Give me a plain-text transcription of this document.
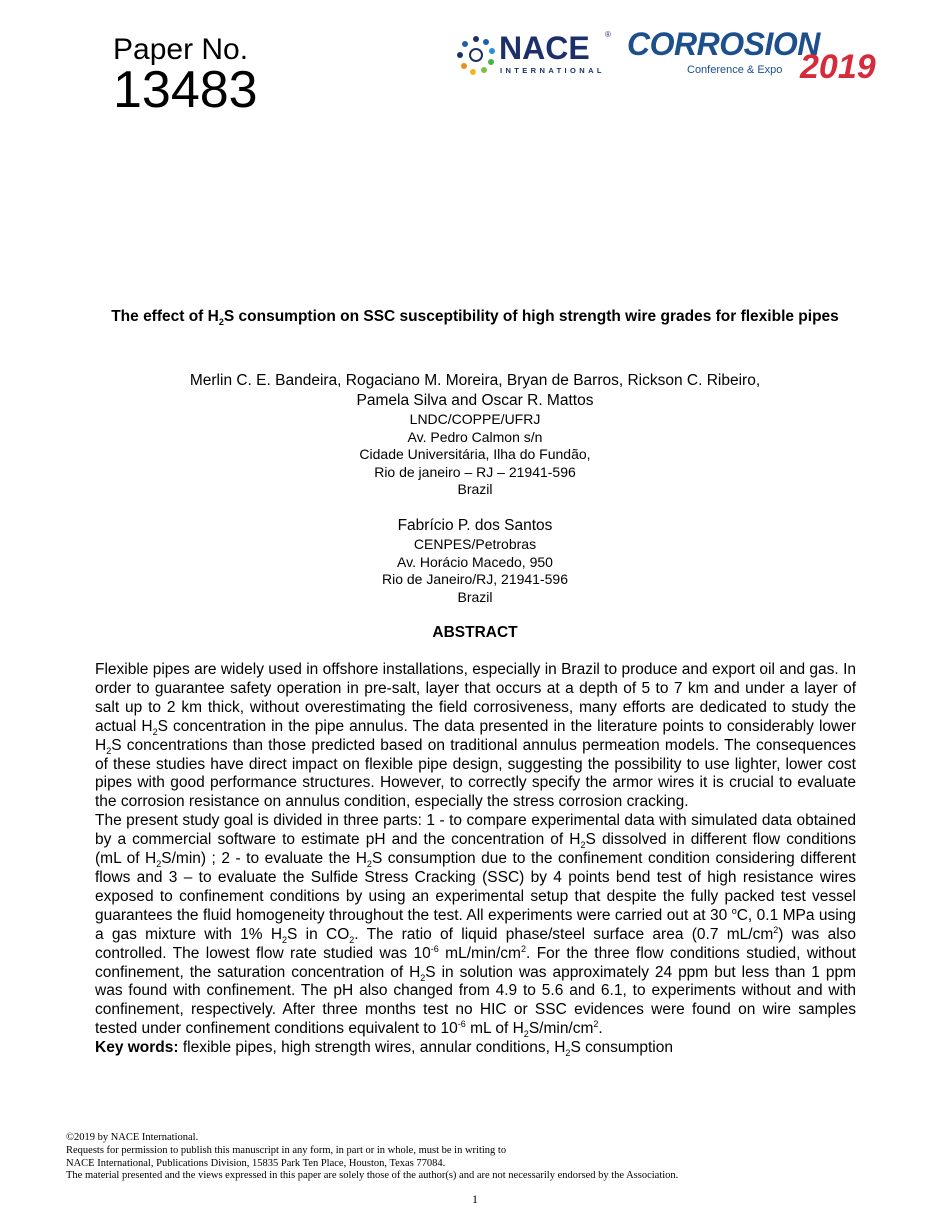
Paper No.
13483
NACE ®
INTERNATIONAL
CORROSION
Conference & Expo 2019
The effect of $H_2S$ consumption on SSC susceptibility of high strength wire grades for flexible pipes
Merlin C. E. Bandeira, Rogaciano M. Moreira, Bryan de Barros, Rickson C. Ribeiro,
Pamela Silva and Oscar R. Mattos
LNDC/COPPE/UFRJ
Av. Pedro Calmon s/n
Cidade Universitária, Ilha do Fundão,
Rio de janeiro – RJ – 21941-596
Brazil
Fabrício P. dos Santos
CENPES/Petrobras
Av. Horácio Macedo, 950
Rio de Janeiro/RJ, 21941-596
Brazil
ABSTRACT

Flexible pipes are widely used in offshore installations, especially in Brazil to produce and export oil and gas. In order to guarantee safety operation in pre-salt, layer that occurs at a depth of 5 to 7 km and under a layer of salt up to 2 km thick, without overestimating the field corrosiveness, many efforts are dedicated to study the actual $H_2S$ concentration in the pipe annulus. The data presented in the literature points to considerably lower $H_2S$ concentrations than those predicted based on traditional annulus permeation models. The consequences of these studies have direct impact on flexible pipe design, suggesting the possibility to use lighter, lower cost pipes with good performance structures. However, to correctly specify the armor wires it is crucial to evaluate the corrosion resistance on annulus condition, especially the stress corrosion cracking.

The present study goal is divided in three parts: 1 - to compare experimental data with simulated data obtained by a commercial software to estimate pH and the concentration of $H_2S$ dissolved in different flow conditions (mL of $H_2S/\min$) ; 2 - to evaluate the $H_2S$ consumption due to the confinement condition considering different flows and 3 – to evaluate the Sulfide Stress Cracking (SSC) by 4 points bend test of high resistance wires exposed to confinement conditions by using an experimental setup that despite the fully packed test vessel guarantees the fluid homogeneity throughout the test. All experiments were carried out at 30 $^o$C, 0.1 MPa using a gas mixture with 1% $H_2S$ in $CO_2$. The ratio of liquid phase/steel surface area (0.7 $mL/cm^2$) was also controlled. The lowest flow rate studied was $10^{-6}$ $mL/\min/cm^2$. For the three flow conditions studied, without confinement, the saturation concentration of $H_2S$ in solution was approximately 24 ppm but less than 1 ppm was found with confinement. The pH also changed from 4.9 to 5.6 and 6.1, to experiments without and with confinement, respectively. After three months test no HIC or SSC evidences were found on wire samples tested under confinement conditions equivalent to $10^{-6}$ mL of $H_2S/\min/cm^2$.

Key words: flexible pipes, high strength wires, annular conditions, $H_2S$ consumption

©2019 by NACE International.
Requests for permission to publish this manuscript in any form, in part or in whole, must be in writing to
NACE International, Publications Division, 15835 Park Ten Place, Houston, Texas 77084.
The material presented and the views expressed in this paper are solely those of the author(s) and are not necessarily endorsed by the Association.
1
